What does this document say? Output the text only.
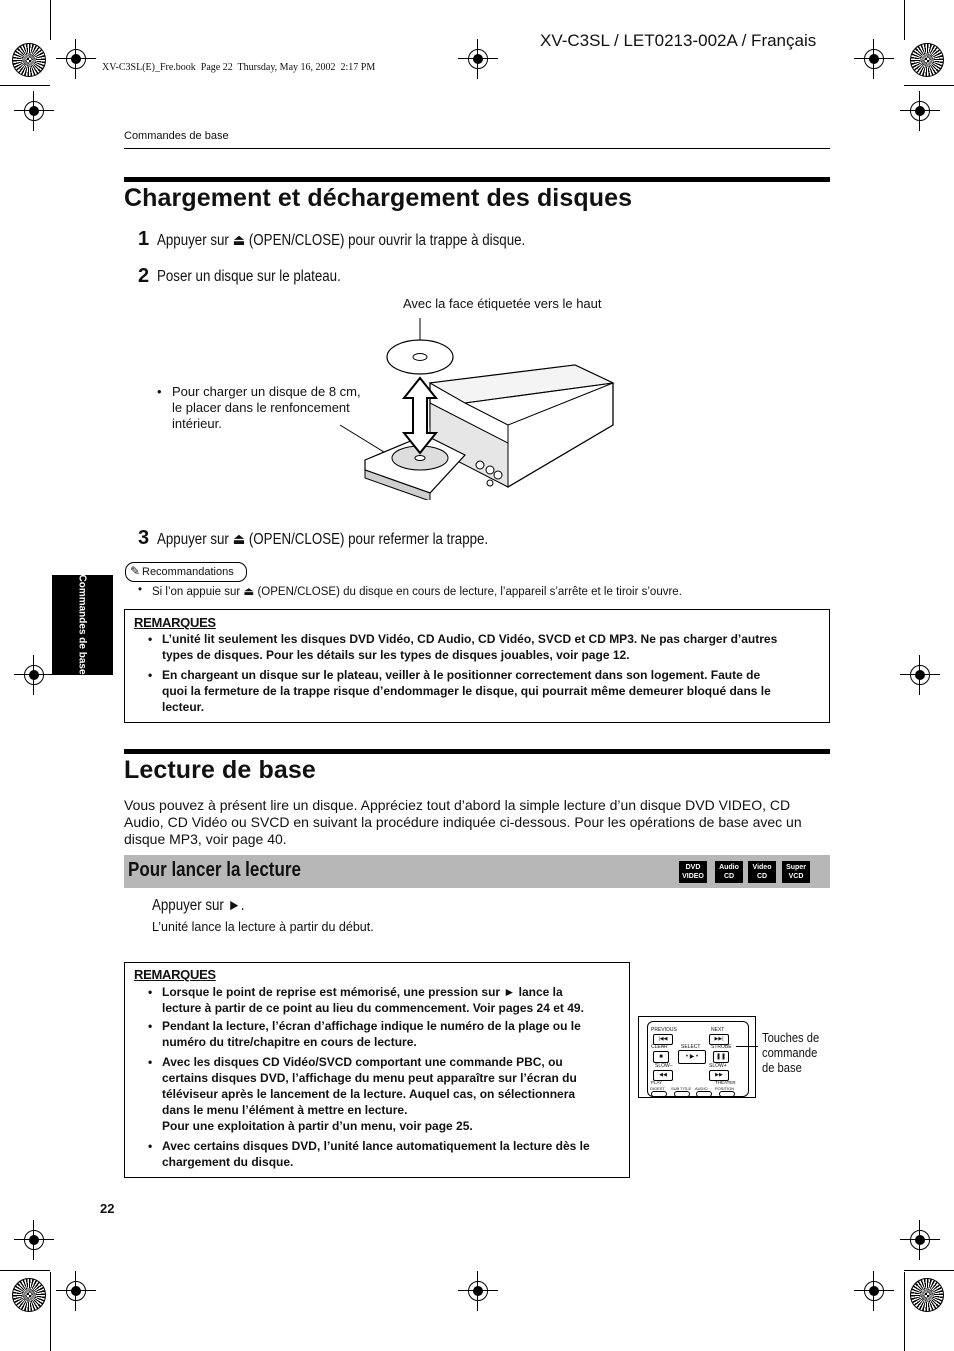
XV-C3SL / LET0213-002A / Français
XV-C3SL(E)_Fre.book  Page 22  Thursday, May 16, 2002  2:17 PM
Commandes de base
Commandes de base
Chargement et déchargement des disques
1 Appuyer sur ⏏ (OPEN/CLOSE) pour ouvrir la trappe à disque.
2 Poser un disque sur le plateau.
Avec la face étiquetée vers le haut
• Pour charger un disque de 8 cm,
le placer dans le renfoncement
intérieur.
3 Appuyer sur ⏏ (OPEN/CLOSE) pour refermer la trappe.
✎ Recommandations
• Si l’on appuie sur ⏏ (OPEN/CLOSE) du disque en cours de lecture, l’appareil s’arrête et le tiroir s’ouvre.
REMARQUES
• L’unité lit seulement les disques DVD Vidéo, CD Audio, CD Vidéo, SVCD et CD MP3. Ne pas charger d’autres
types de disques. Pour les détails sur les types de disques jouables, voir page 12.
• En chargeant un disque sur le plateau, veiller à le positionner correctement dans son logement. Faute de
quoi la fermeture de la trappe risque d’endommager le disque, qui pourrait même demeurer bloqué dans le
lecteur.
Lecture de base
Vous pouvez à présent lire un disque. Appréciez tout d’abord la simple lecture d’un disque DVD VIDEO, CD
Audio, CD Vidéo ou SVCD en suivant la procédure indiquée ci-dessous. Pour les opérations de base avec un
disque MP3, voir page 40.
Pour lancer la lecture	DVD
VIDEO
Audio
CD
Video
CD
Super
VCD
Appuyer sur ►.
L’unité lance la lecture à partir du début.
REMARQUES
• Lorsque le point de reprise est mémorisé, une pression sur ► lance la
lecture à partir de ce point au lieu du commencement. Voir pages 24 et 49.
• Pendant la lecture, l’écran d’affichage indique le numéro de la plage ou le
numéro du titre/chapitre en cours de lecture.
• Avec les disques CD Vidéo/SVCD comportant une commande PBC, ou
certains disques DVD, l’affichage du menu peut apparaître sur l’écran du
téléviseur après le lancement de la lecture. Auquel cas, on sélectionnera
dans le menu l’élément à mettre en lecture.
Pour une exploitation à partir d’un menu, voir page 25.
• Avec certains disques DVD, l’unité lance automatiquement la lecture dès le
chargement du disque.
PREVIOUS	NEXT
|◀◀	▶▶|
CLEAR	SELECT STROBE
■	• ▶ •	❚❚
SLOW–	SLOW+
◀◀	▶▶
PLAY	THEATER
DIGEST SUB TITLE AUDIO POSITION
Touches de
commande
de base
22
